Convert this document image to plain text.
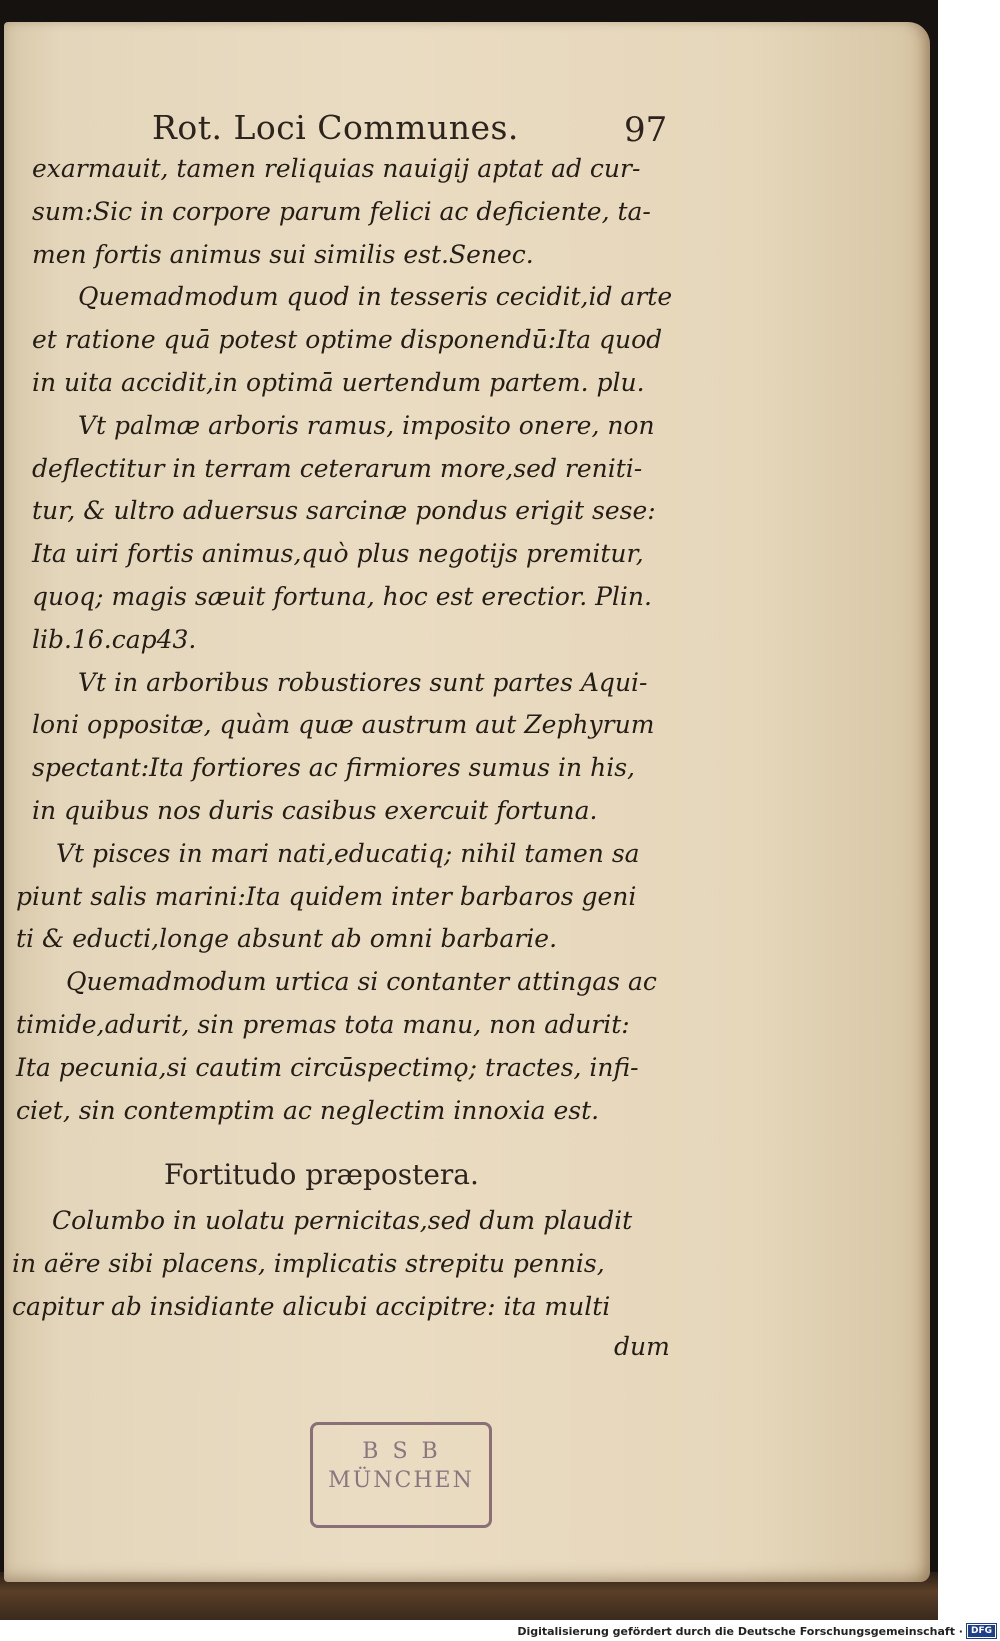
Rot. Loci Communes.	97
exarmauit, tamen reliquias nauigij aptat ad cur‑
sum:Sic in corpore parum felici ac deficiente, ta‑
men fortis animus sui similis est.Senec.
Quemadmodum quod in tesseris cecidit,id arte
et ratione quā potest optime disponendū:Ita quod
in uita accidit,in optimā uertendum partem. plu.
Vt palmæ arboris ramus, imposito onere, non
deflectitur in terram ceterarum more,sed reniti‑
tur, & ultro aduersus sarcinæ pondus erigit sese:
Ita uiri fortis animus,quò plus negotijs premitur,
quoq; magis sæuit fortuna, hoc est erectior. Plin.
lib.16.cap43.
Vt in arboribus robustiores sunt partes Aqui‑
loni oppositæ, quàm quæ austrum aut Zephyrum
spectant:Ita fortiores ac firmiores sumus in his,
in quibus nos duris casibus exercuit fortuna.
Vt pisces in mari nati,educatiq; nihil tamen sa
piunt salis marini:Ita quidem inter barbaros geni
ti & educti,longe absunt ab omni barbarie.
Quemadmodum urtica si contanter attingas ac
timide,adurit, sin premas tota manu, non adurit:
Ita pecunia,si cautim circūspectimǫ; tractes, infi‑
ciet, sin contemptim ac neglectim innoxia est.
Fortitudo præpostera.
Columbo in uolatu pernicitas,sed dum plaudit
in aëre sibi placens, implicatis strepitu pennis,
capitur ab insidiante alicubi accipitre: ita multi
dum
BSB
MÜNCHEN
Digitalisierung gefördert durch die Deutsche Forschungsgemeinschaft · DFG
